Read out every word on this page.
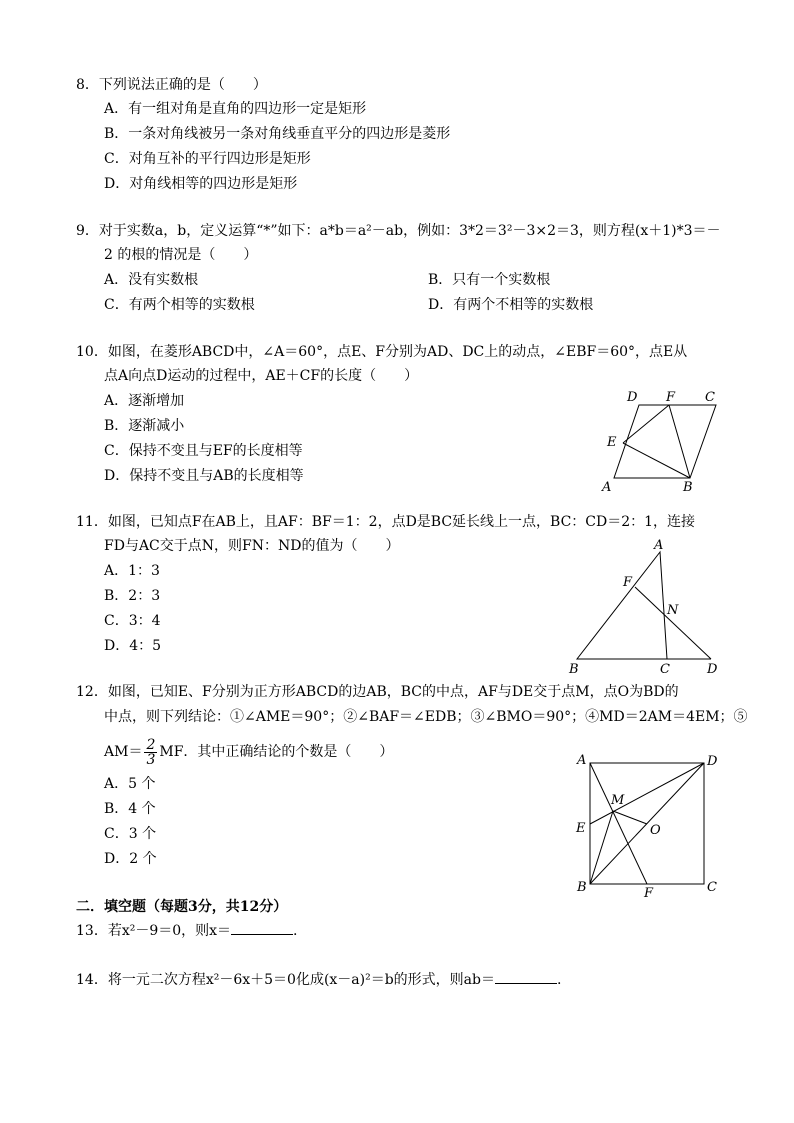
8．下列说法正确的是（　　）
A．有一组对角是直角的四边形一定是矩形
B．一条对角线被另一条对角线垂直平分的四边形是菱形
C．对角互补的平行四边形是矩形
D．对角线相等的四边形是矩形
9．对于实数a，b，定义运算“*”如下：a*b＝a²－ab，例如：3*2＝3²－3×2＝3，则方程(x＋1)*3＝－
2 的根的情况是（　　）
A．没有实数根	B．只有一个实数根
C．有两个相等的实数根	D．有两个不相等的实数根
10．如图，在菱形ABCD中，∠A＝60°，点E、F分别为AD、DC上的动点，∠EBF＝60°，点E从
点A向点D运动的过程中，AE＋CF的长度（　　）
A．逐渐增加
B．逐渐减小
C．保持不变且与EF的长度相等
D．保持不变且与AB的长度相等
A	B
C
D
E
F
11．如图，已知点F在AB上，且AF：BF＝1：2，点D是BC延长线上一点，BC：CD＝2：1，连接
FD与AC交于点N，则FN：ND的值为（　　）
A．1：3
B．2：3
C．3：4
D．4：5
A
B	C	D
F
N
12．如图，已知E、F分别为正方形ABCD的边AB，BC的中点，AF与DE交于点M，点O为BD的
中点，则下列结论：①∠AME＝90°；②∠BAF＝∠EDB；③∠BMO＝90°；④MD＝2AM＝4EM；⑤
$AM= \frac{2}{3}$ MF．其中正确结论的个数是（　　）
A．5 个
B．4 个
C．3 个
D．2 个
A
B	C
D
E
F
M
O
二．填空题（每题3分，共12分）
13．若x²－9＝0，则x＝	.
14．将一元二次方程x²－6x＋5＝0化成(x－a)²＝b的形式，则ab＝	.
